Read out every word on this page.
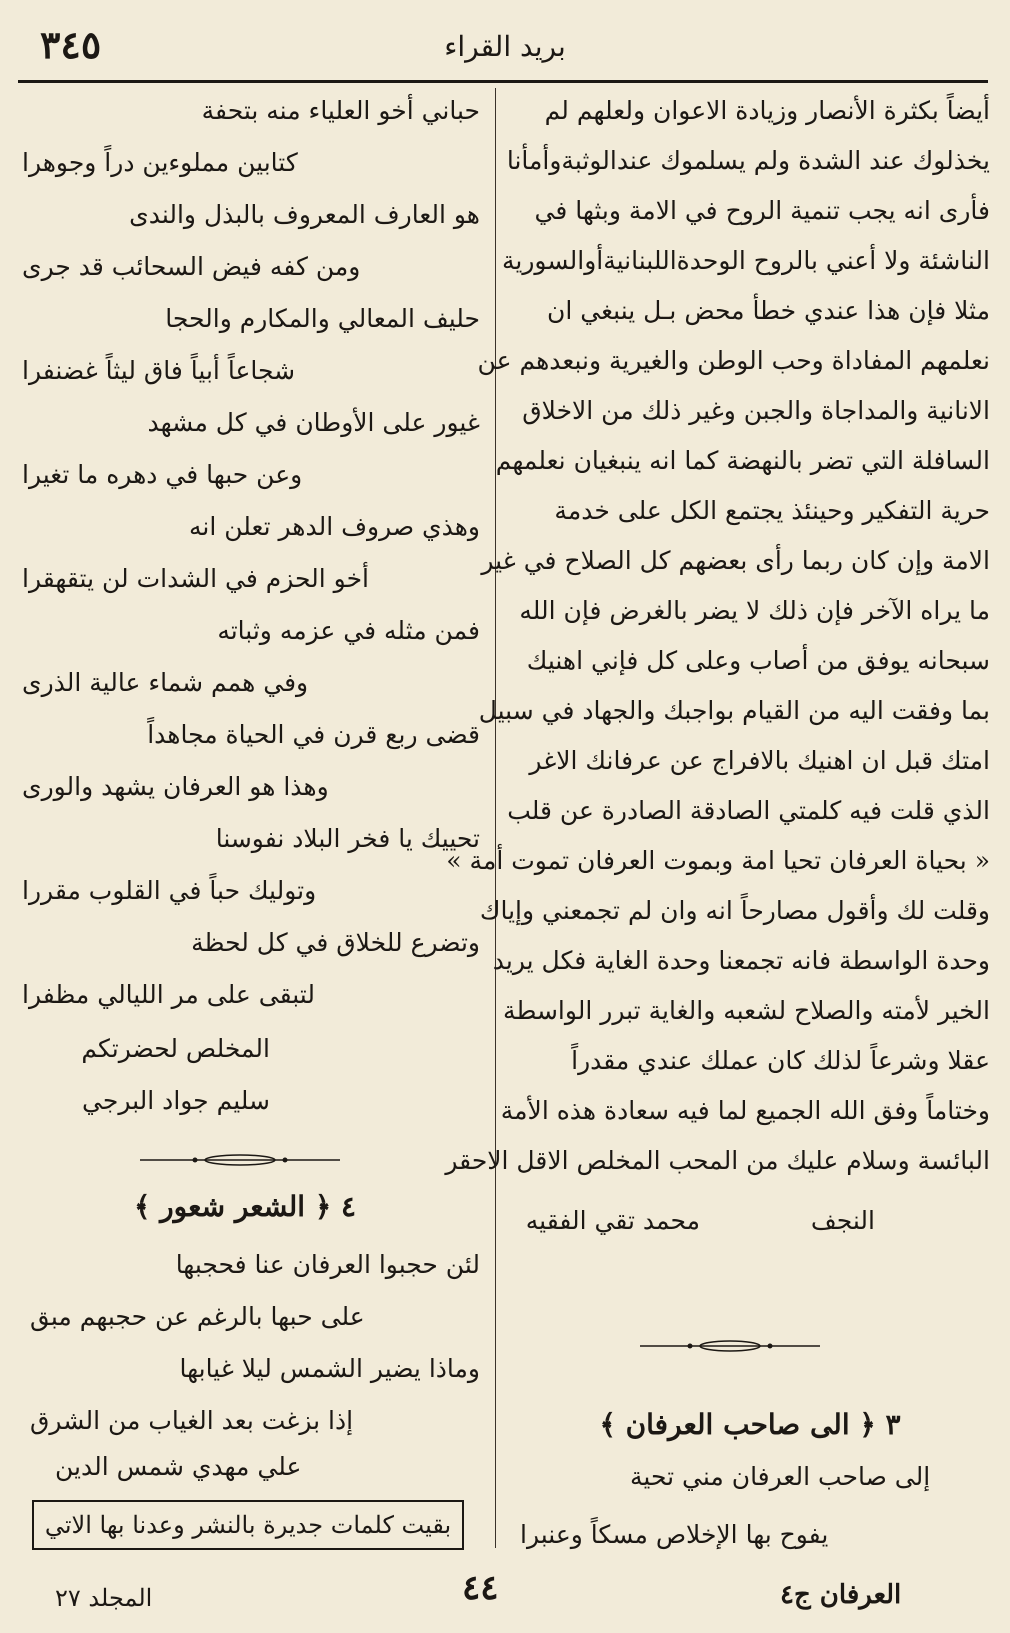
بريد القراء
٣٤٥
أيضاً بكثرة الأنصار وزيادة الاعوان ولعلهم لم
يخذلوك عند الشدة ولم يسلموك عندالوثبةوأمأنا
فأرى انه يجب تنمية الروح في الامة وبثها في
الناشئة ولا أعني بالروح الوحدةاللبنانيةأوالسورية
مثلا فإن هذا عندي خطأ محض بـل ينبغي ان
نعلمهم المفاداة وحب الوطن والغيرية ونبعدهم عن
الانانية والمداجاة والجبن وغير ذلك من الاخلاق
السافلة التي تضر بالنهضة كما انه ينبغيان نعلمهم
حرية التفكير وحينئذ يجتمع الكل على خدمة
الامة وإن كان ربما رأى بعضهم كل الصلاح في غير
ما يراه الآخر فإن ذلك لا يضر بالغرض فإن الله
سبحانه يوفق من أصاب وعلى كل فإني اهنيك
بما وفقت اليه من القيام بواجبك والجهاد في سبيل
امتك قبل ان اهنيك بالافراج عن عرفانك الاغر
الذي قلت فيه كلمتي الصادقة الصادرة عن قلب
« بحياة العرفان تحيا امة وبموت العرفان تموت أمة »
وقلت لك وأقول مصارحاً انه وان لم تجمعني وإياك
وحدة الواسطة فانه تجمعنا وحدة الغاية فكل يريد
الخير لأمته والصلاح لشعبه والغاية تبرر الواسطة
عقلا وشرعاً لذلك كان عملك عندي مقدراً
وختاماً وفق الله الجميع لما فيه سعادة هذه الأمة
البائسة وسلام عليك من المحب المخلص الاقل الاحقر
النجف
محمد تقي الفقيه
٣ ﴿ الى صاحب العرفان ﴾
إلى صاحب العرفان مني تحية
يفوح بها الإخلاص مسكاً وعنبرا
حباني أخو العلياء منه بتحفة
كتابين مملوءين دراً وجوهرا
هو العارف المعروف بالبذل والندى
ومن كفه فيض السحائب قد جرى
حليف المعالي والمكارم والحجا
شجاعاً أبياً فاق ليثاً غضنفرا
غيور على الأوطان في كل مشهد
وعن حبها في دهره ما تغيرا
وهذي صروف الدهر تعلن انه
أخو الحزم في الشدات لن يتقهقرا
فمن مثله في عزمه وثباته
وفي همم شماء عالية الذرى
قضى ربع قرن في الحياة مجاهداً
وهذا هو العرفان يشهد والورى
تحييك يا فخر البلاد نفوسنا
وتوليك حباً في القلوب مقررا
وتضرع للخلاق في كل لحظة
لتبقى على مر الليالي مظفرا
المخلص لحضرتكم
سليم جواد البرجي
٤ ﴿ الشعر شعور ﴾
لئن حجبوا العرفان عنا فحجبها
على حبها بالرغم عن حجبهم مبق
وماذا يضير الشمس ليلا غيابها
إذا بزغت بعد الغياب من الشرق
علي مهدي شمس الدين
بقيت كلمات جديرة بالنشر وعدنا بها الاتي
العرفان ج٤
٤٤
المجلد ٢٧
